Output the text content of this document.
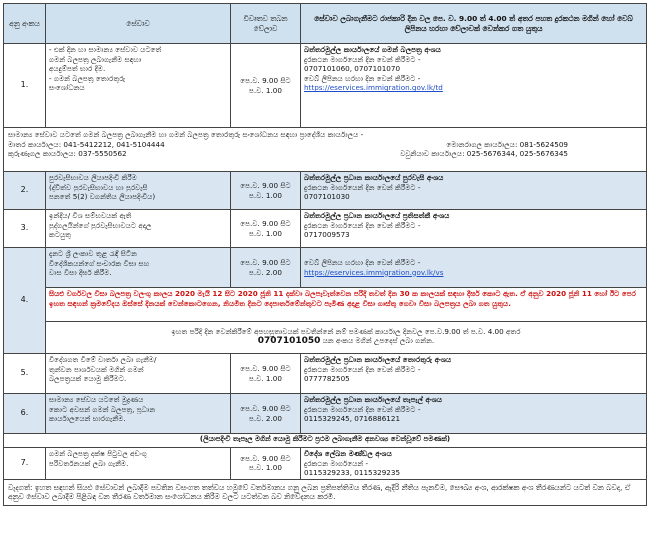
අනු අංකය	සේවාව	විවෘතව තබන වේලාව	සේවාව ලබාගැනීමට රාජකාරි දින වල පෙ. ව. 9.00 ත් 4.00 ත් අතර පහත දුරකථන මගින් හෝ වෙබ් ලිපිනය හරහා වේලාවක් වෙන්කර ගත යුතුය
1.	- එක් දින හා සාමාන්‍ය සේවාව යටතේ
ගමන් බලපත්‍ර ලබාගැනීම සඳහා
අයදුම්පත් භාර දීම.
- ගමන් බලපත්‍ර තොරතුරු
සංශෝධනය	පෙ.ව. 9.00 සිට
ප.ව. 1.00	බත්තරමුල්ල කාර්යාලයේ ගමන් බලපත්‍ර අංශය
දුරකථන මාර්ගයෙන් දින වෙන් කිරීමට -
0707101060, 0707101070
වෙබ් ලිපිනය හරහා දින වෙන් කිරීමට -
https://eservices.immigration.gov.lk/td

සාමාන්‍ය සේවාව යටතේ ගමන් බලපත්‍ර ලබාගැනීම හා ගමන් බලපත්‍ර තොරතුරු සංශෝධනය සඳහා ප්‍රාදේශීය කාර්යාලය -
මාතර කාර්යාලය: 041-5412212, 041-5104444 මොනරාගල කාර්යාලය: 081-5624509
කුරුණෑගල කාර්යාලය: 037-5550562 වවුනියාව කාර්යාලය: 025-5676344, 025-5676345			

2.	පුරවැසිභාවය ලියාපදිංචි කිරීම
(ද්විත්ව පුරවැසිභාවය හා පුරවැසි
පනතේ 5(2) වගන්තිය ලියාපදිංචිය)	පෙ.ව. 9.00 සිට
ප.ව. 1.00	බත්තරමුල්ල ප්‍රධාන කාර්යාලයේ පුරවැසි අංශය
දුරකථන මාර්ගයෙන් දින වෙන් කිරීමට -
0707101030

3.	ඉන්දීය/ විශ සම්භවයක් ඇති
පුද්ගලයින්ගේ පුරවැසිභාවයට අදාල
කටයුතු	පෙ.ව. 9.00 සිට
ප.ව. 1.00	බත්තරමුල්ල ප්‍රධාන කාර්යාලයේ ප්‍රතිසත්කී අංශය
දුරකථන මාර්ගයෙන් දින වෙන් කිරීමට -
0717009573

4.	දැනට ශ්‍රී ලංකාව තුළ රැඳී සිටින
විදේශිකයන්ගේ සංචාරක වීසා සහ
වාස වීසා දීර්ඝ කිරීම.	පෙ.ව. 9.00 සිට
ප.ව. 2.00	වෙබ් ලිපිනය හරහා දින වෙන් කිරීමට -
https://eservices.immigration.gov.lk/vs

	සියළු වර්ගවල වීසා බලපත්‍ර වලංගු කාලය 2020 මැයි 12 සිට 2020 ජූනි 11 දක්වා බලපැවැත්වෙන පරිදි තවත් දින 30 ක කාලයක් සඳහා දීර්ඝ කොට ඇත. ඒ අනුව 2020 ජූනි 11 හෝ ඊට පෙර ඉහත සඳහන් ක්‍රමවේදය ඔස්සේ දිනයක් වෙන්කොටගෙන, නියමිත දිනට දෙපාර්තමේන්තුවට පැමිණ අදාළ වීසා ගාස්තු ගෙවා වීසා බලපත්‍රය ලබා ගත යුතුය.		

	ඉහත පරිදි දින වෙන්කිරීමේ අපහසුතාවයක් පවතින්නේ නම් පමණක් කාර්යාල දිනවල පෙ.ව.9.00 ත් ප.ව. 4.00 අතර
0707101050 යන අංකය මගින් උපදෙස් ලබා ගන්න.		
5.	විදේශගත වීමේ වාර්තා ලබා ගැනීම/
තුන්වන පාර්ශවයක් මගින් ගමන්
බලපත්‍රයක් යොමු කිරීමට.	පෙ.ව. 9.00 සිට
ප.ව. 1.00	බත්තරමුල්ල ප්‍රධාන කාර්යාලයේ තොරතුරු අංශය
දුරකථන මාර්ගයෙන් දින වෙන් කිරීමට -
0777782505

6.	සාමාන්‍ය සේවය යටතේ මුද්‍රණය
කොට අවසන් ගමන් බලපත්‍ර, ප්‍රධාන
කාර්යාලයෙන් භාරගැනීම.	පෙ.ව. 9.00 සිට
ප.ව. 2.00	බත්තරමුල්ල ප්‍රධාන කාර්යාලයේ තැපැල් අංශය
දුරකථන මාර්ගයෙන් දින වෙන් කිරීමට -
0115329245, 0716886121

(ලියාපදිංචි තැපෑල මගින් යොමු කිරීමට ප්‍රථම ලබාගැනීම අනවශ්‍ය වෙන්වූවේ පමණක්)			
7.	ගමන් බලපත්‍ර දක්ෂ පිටුවල අඩංගු
පරිවර්තනයක් ලබා ගැනීම.	පෙ.ව. 9.00 සිට
ප.ව. 1.00	විදේශ ලේඛන මණ්ඩල අංශය
දුරකථන මාර්ගයෙන් -
0115329233, 0115329235

වැදගත්: ඉහත සඳහන් සියළු සේවාවන් ලබාදීම පවතින වසංගත තත්වය හමුවේ වර්තමානය ගනු ලබන ප්‍රතිපත්තිමය තීරණ, ඇදිරි නීතිය පැනවීම, සෞඛ්‍ය අංශ, ආරක්ෂක අංශ තීරණයන්ට යටත් වන බවද, ඒ අනුව සේවාව ලබාදීම පිළිබඳ වන තීරණ වර්තමාන සංශෝධනය කිරීම වලට යටත්වන බව නිවේදනය කරමි.			
